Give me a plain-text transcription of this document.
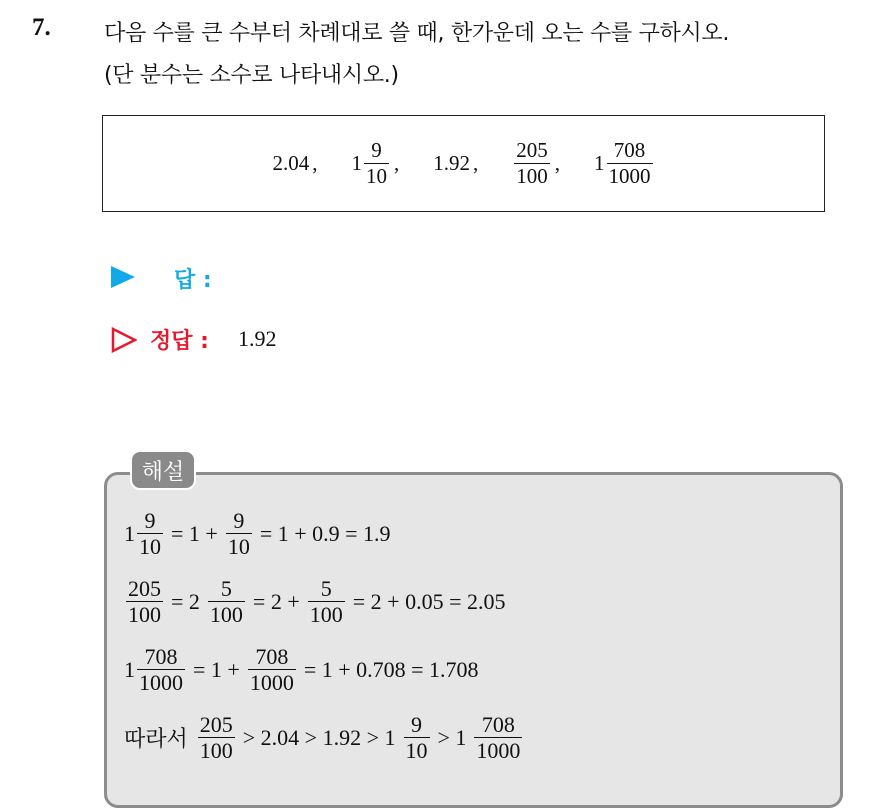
7. 다음 수를 큰 수부터 차례대로 쓸 때, 한가운데 오는 수를 구하시오.
(단 분수는 소수로 나타내시오.)
2.04 , $1 \frac{9}{10}$ , 1.92 , $\frac{205}{100}$ , $1 \frac{708}{1000}$
답 :
정답 : 1.92
해설
$1 \frac{9}{10} = 1 + \frac{9}{10} = 1 + 0.9 = 1.9$
$\frac{205}{100} = 2 \frac{5}{100} = 2 + \frac{5}{100} = 2 + 0.05 = 2.05$
$1 \frac{708}{1000} = 1 + \frac{708}{1000} = 1 + 0.708 = 1.708$
따라서 $\frac{205}{100} > 2.04 > 1.92 > 1 \frac{9}{10} > 1 \frac{708}{1000}$
